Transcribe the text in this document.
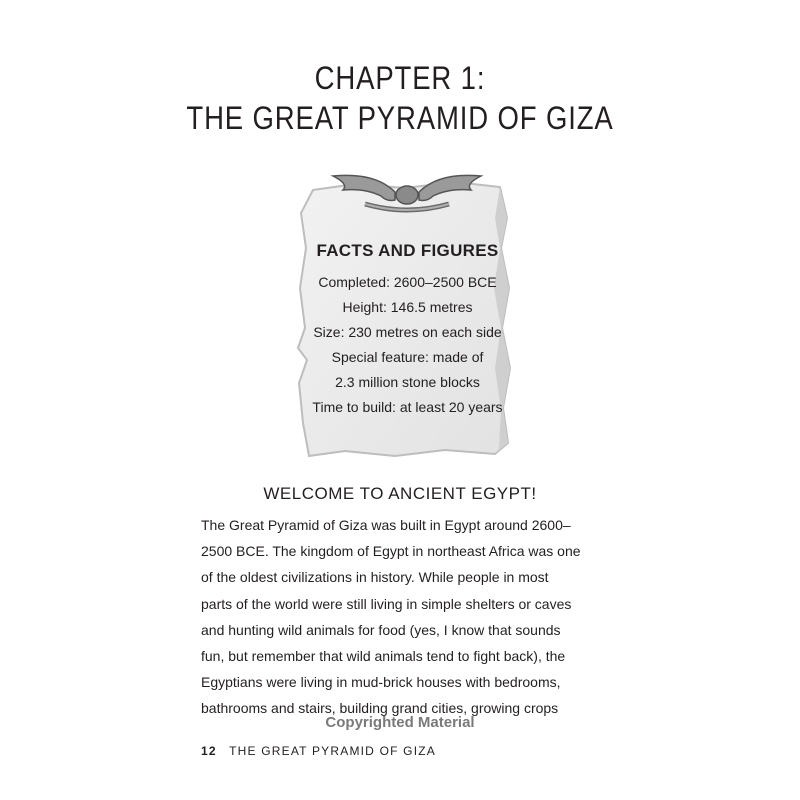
CHAPTER 1:
THE GREAT PYRAMID OF GIZA
FACTS AND FIGURES
Completed: 2600–2500 BCE
Height: 146.5 metres
Size: 230 metres on each side
Special feature: made of
2.3 million stone blocks
Time to build: at least 20 years
WELCOME TO ANCIENT EGYPT!
The Great Pyramid of Giza was built in Egypt around 2600–
2500 BCE. The kingdom of Egypt in northeast Africa was one
of the oldest civilizations in history. While people in most
parts of the world were still living in simple shelters or caves
and hunting wild animals for food (yes, I know that sounds
fun, but remember that wild animals tend to fight back), the
Egyptians were living in mud-brick houses with bedrooms,
bathrooms and stairs, building grand cities, growing crops
Copyrighted Material
12 THE GREAT PYRAMID OF GIZA
